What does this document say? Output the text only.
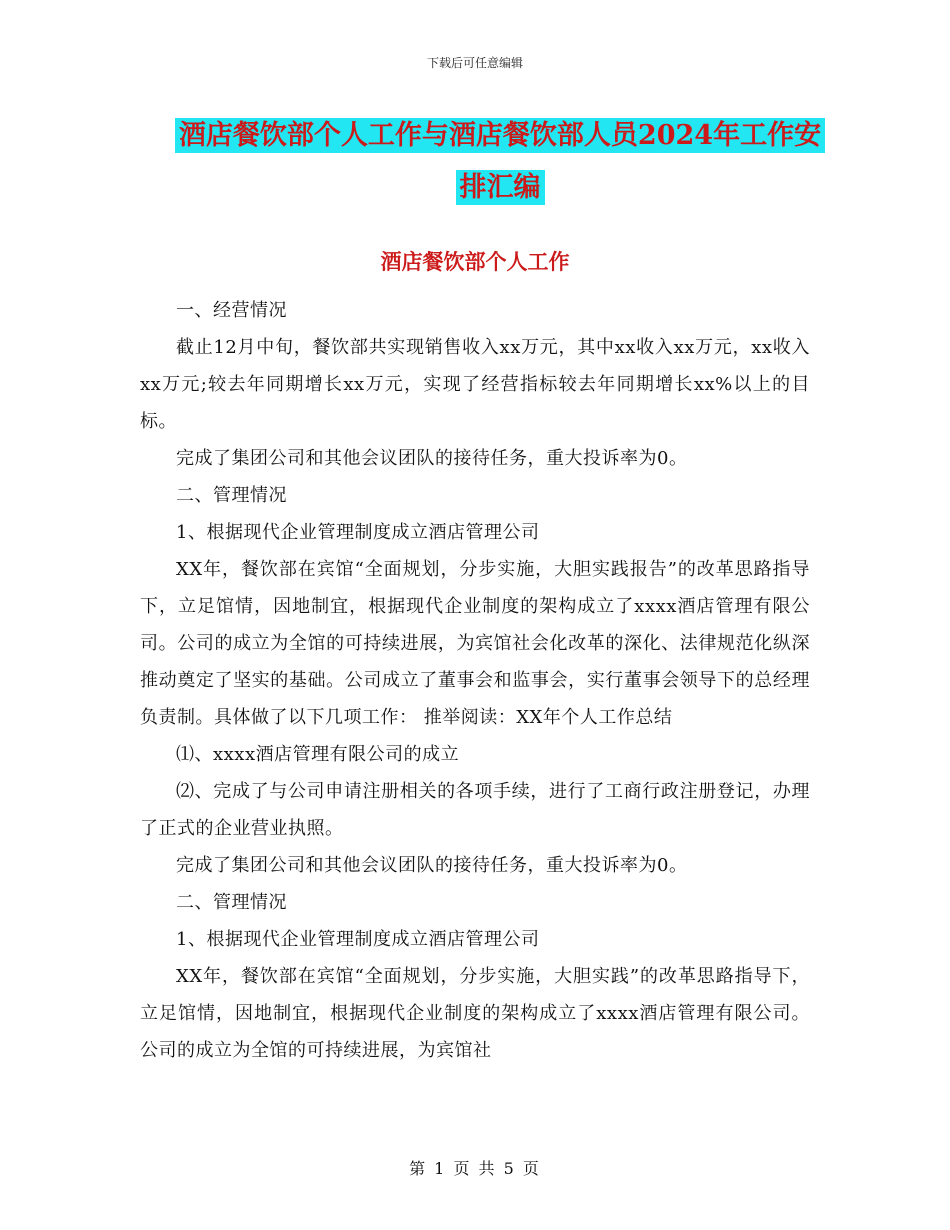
下载后可任意编辑
酒店餐饮部个人工作与酒店餐饮部人员2024年工作安
排汇编
酒店餐饮部个人工作

一、经营情况

截止12月中旬，餐饮部共实现销售收入xx万元，其中xx收入xx万元，xx收入xx万元;较去年同期增长xx万元，实现了经营指标较去年同期增长xx%以上的目标。

完成了集团公司和其他会议团队的接待任务，重大投诉率为0。

二、管理情况

1、根据现代企业管理制度成立酒店管理公司

XX年，餐饮部在宾馆“全面规划，分步实施，大胆实践报告”的改革思路指导下，立足馆情，因地制宜，根据现代企业制度的架构成立了xxxx酒店管理有限公司。公司的成立为全馆的可持续进展，为宾馆社会化改革的深化、法律规范化纵深推动奠定了坚实的基础。公司成立了董事会和监事会，实行董事会领导下的总经理负责制。具体做了以下几项工作： 推举阅读：XX年个人工作总结

⑴、xxxx酒店管理有限公司的成立

⑵、完成了与公司申请注册相关的各项手续，进行了工商行政注册登记，办理了正式的企业营业执照。

完成了集团公司和其他会议团队的接待任务，重大投诉率为0。

二、管理情况

1、根据现代企业管理制度成立酒店管理公司

XX年，餐饮部在宾馆“全面规划，分步实施，大胆实践”的改革思路指导下，立足馆情，因地制宜，根据现代企业制度的架构成立了xxxx酒店管理有限公司。公司的成立为全馆的可持续进展，为宾馆社

第 1 页 共 5 页
